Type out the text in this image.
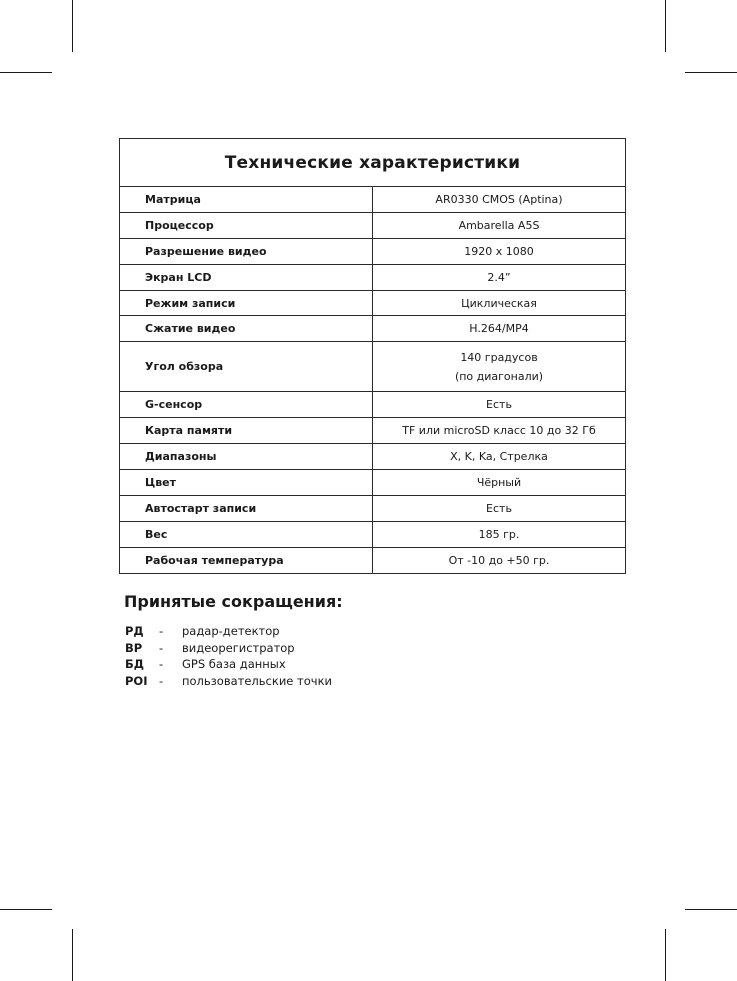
Технические характеристики	
Матрица	AR0330 CMOS (Aptina)
Процессор	Ambarella A5S
Разрешение видео	1920 x 1080
Экран LCD	2.4”
Режим записи	Циклическая
Сжатие видео	H.264/MP4
Угол обзора	140 градусов
(по диагонали)

G-сенсор	Есть
Карта памяти	TF или microSD класс 10 до 32 Гб
Диапазоны	X, K, Ka, Стрелка
Цвет	Чёрный
Автостарт записи	Есть
Вес	185 гр.
Рабочая температура	От -10 до +50 гр.
Принятые сокращения:
РД - радар-детектор
ВР - видеорегистратор
БД - GPS база данных
POI - пользовательские точки
